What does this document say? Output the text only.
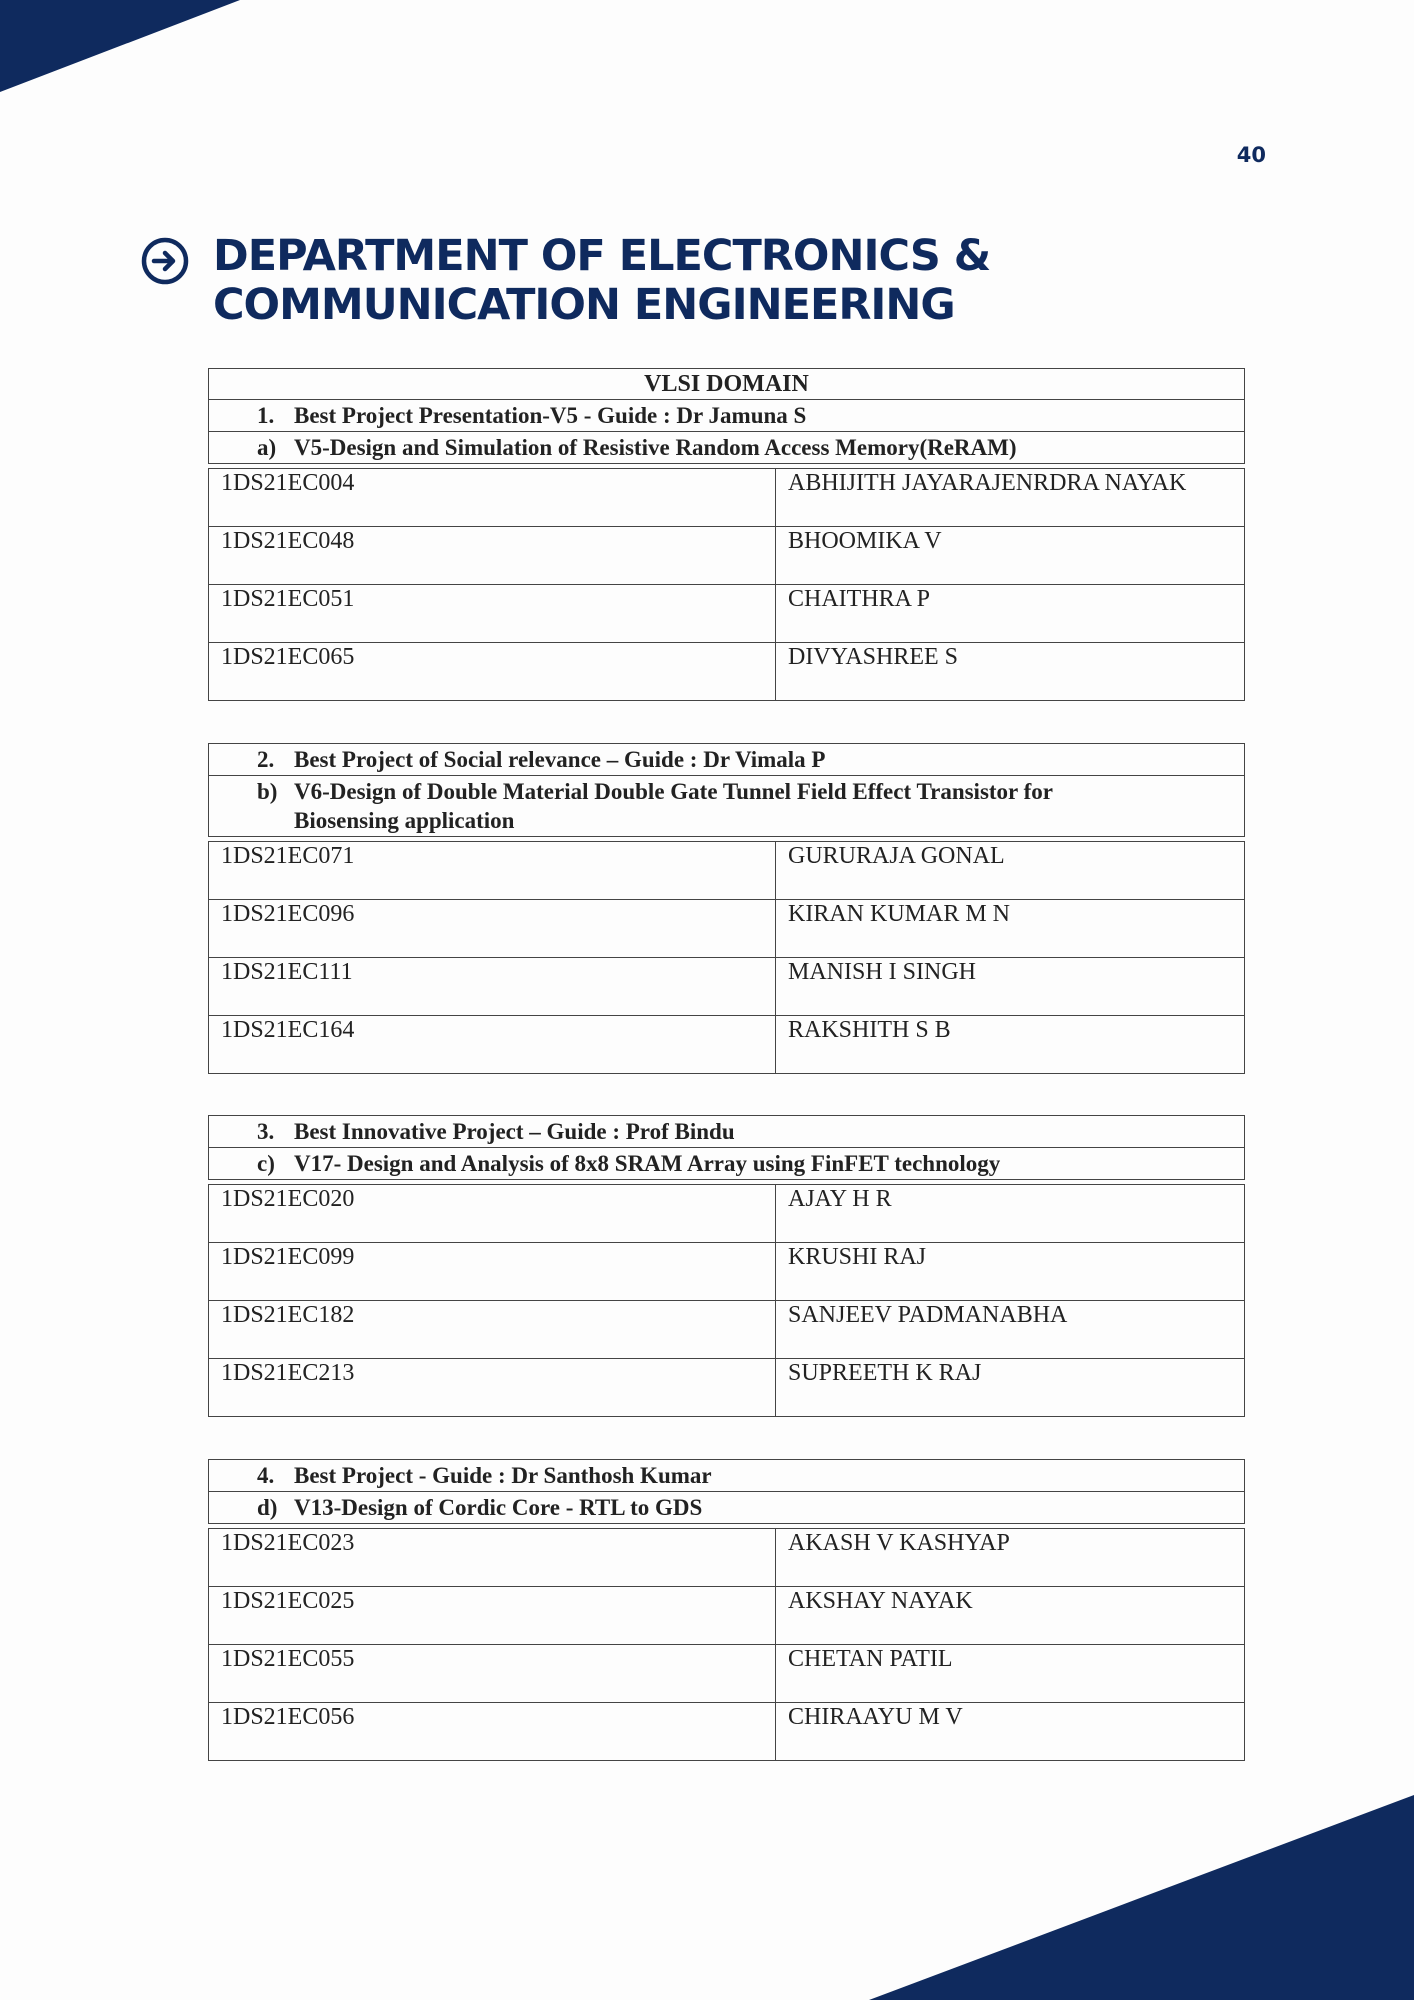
40
DEPARTMENT OF ELECTRONICS &
COMMUNICATION ENGINEERING
VLSI DOMAIN
1. Best Project Presentation-V5 - Guide : Dr Jamuna S
a) V5-Design and Simulation of Resistive Random Access Memory(ReRAM)
1DS21EC004	ABHIJITH JAYARAJENRDRA NAYAK
1DS21EC048	BHOOMIKA V
1DS21EC051	CHAITHRA P
1DS21EC065	DIVYASHREE S
2. Best Project of Social relevance – Guide : Dr Vimala P

b) V6-Design of Double Material Double Gate Tunnel Field Effect Transistor for
Biosensing application
1DS21EC071	GURURAJA GONAL
1DS21EC096	KIRAN KUMAR M N
1DS21EC111	MANISH I SINGH
1DS21EC164	RAKSHITH S B
3. Best Innovative Project – Guide : Prof Bindu
c) V17- Design and Analysis of 8x8 SRAM Array using FinFET technology
1DS21EC020	AJAY H R
1DS21EC099	KRUSHI RAJ
1DS21EC182	SANJEEV PADMANABHA
1DS21EC213	SUPREETH K RAJ
4. Best Project - Guide : Dr Santhosh Kumar
d) V13-Design of Cordic Core - RTL to GDS
1DS21EC023	AKASH V KASHYAP
1DS21EC025	AKSHAY NAYAK
1DS21EC055	CHETAN PATIL
1DS21EC056	CHIRAAYU M V
